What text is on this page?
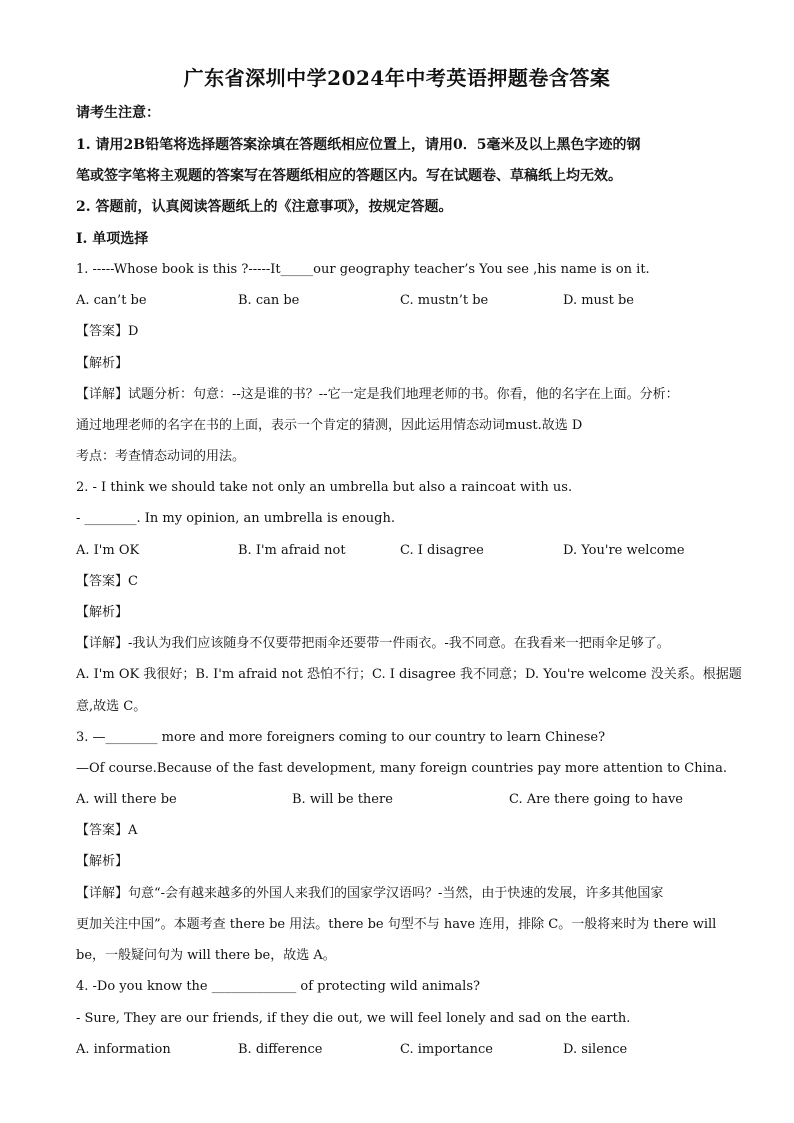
广东省深圳中学2024年中考英语押题卷含答案
请考生注意：
1. 请用2B铅笔将选择题答案涂填在答题纸相应位置上，请用0．5毫米及以上黑色字迹的钢
笔或签字笔将主观题的答案写在答题纸相应的答题区内。写在试题卷、草稿纸上均无效。
2. 答题前，认真阅读答题纸上的《注意事项》，按规定答题。
Ⅰ. 单项选择
1. -----Whose book is this ?-----It_____our geography teacher’s You see ,his name is on it.
A. can’t be	B. can be	C. mustn’t be	D. must be
【答案】D
【解析】
【详解】试题分析：句意：--这是谁的书？--它一定是我们地理老师的书。你看，他的名字在上面。分析：
通过地理老师的名字在书的上面，表示一个肯定的猜测，因此运用情态动词must.故选 D
考点：考查情态动词的用法。
2. - I think we should take not only an umbrella but also a raincoat with us.
- ________. In my opinion, an umbrella is enough.
A. I'm OK	B. I'm afraid not	C. I disagree	D. You're welcome
【答案】C
【解析】
【详解】-我认为我们应该随身不仅要带把雨伞还要带一件雨衣。-我不同意。在我看来一把雨伞足够了。
A. I'm OK 我很好；B. I'm afraid not 恐怕不行；C. I disagree 我不同意；D. You're welcome 没关系。根据题
意,故选 C。
3. —________ more and more foreigners coming to our country to learn Chinese?
—Of course.Because of the fast development, many foreign countries pay more attention to China.
A. will there be	B. will be there	C. Are there going to have
【答案】A
【解析】
【详解】句意“-会有越来越多的外国人来我们的国家学汉语吗？-当然，由于快速的发展，许多其他国家
更加关注中国”。本题考查 there be 用法。there be 句型不与 have 连用，排除 C。一般将来时为 there will
be，一般疑问句为 will there be，故选 A。
4. -Do you know the _____________ of protecting wild animals?
- Sure, They are our friends, if they die out, we will feel lonely and sad on the earth.
A. information	B. difference	C. importance	D. silence
